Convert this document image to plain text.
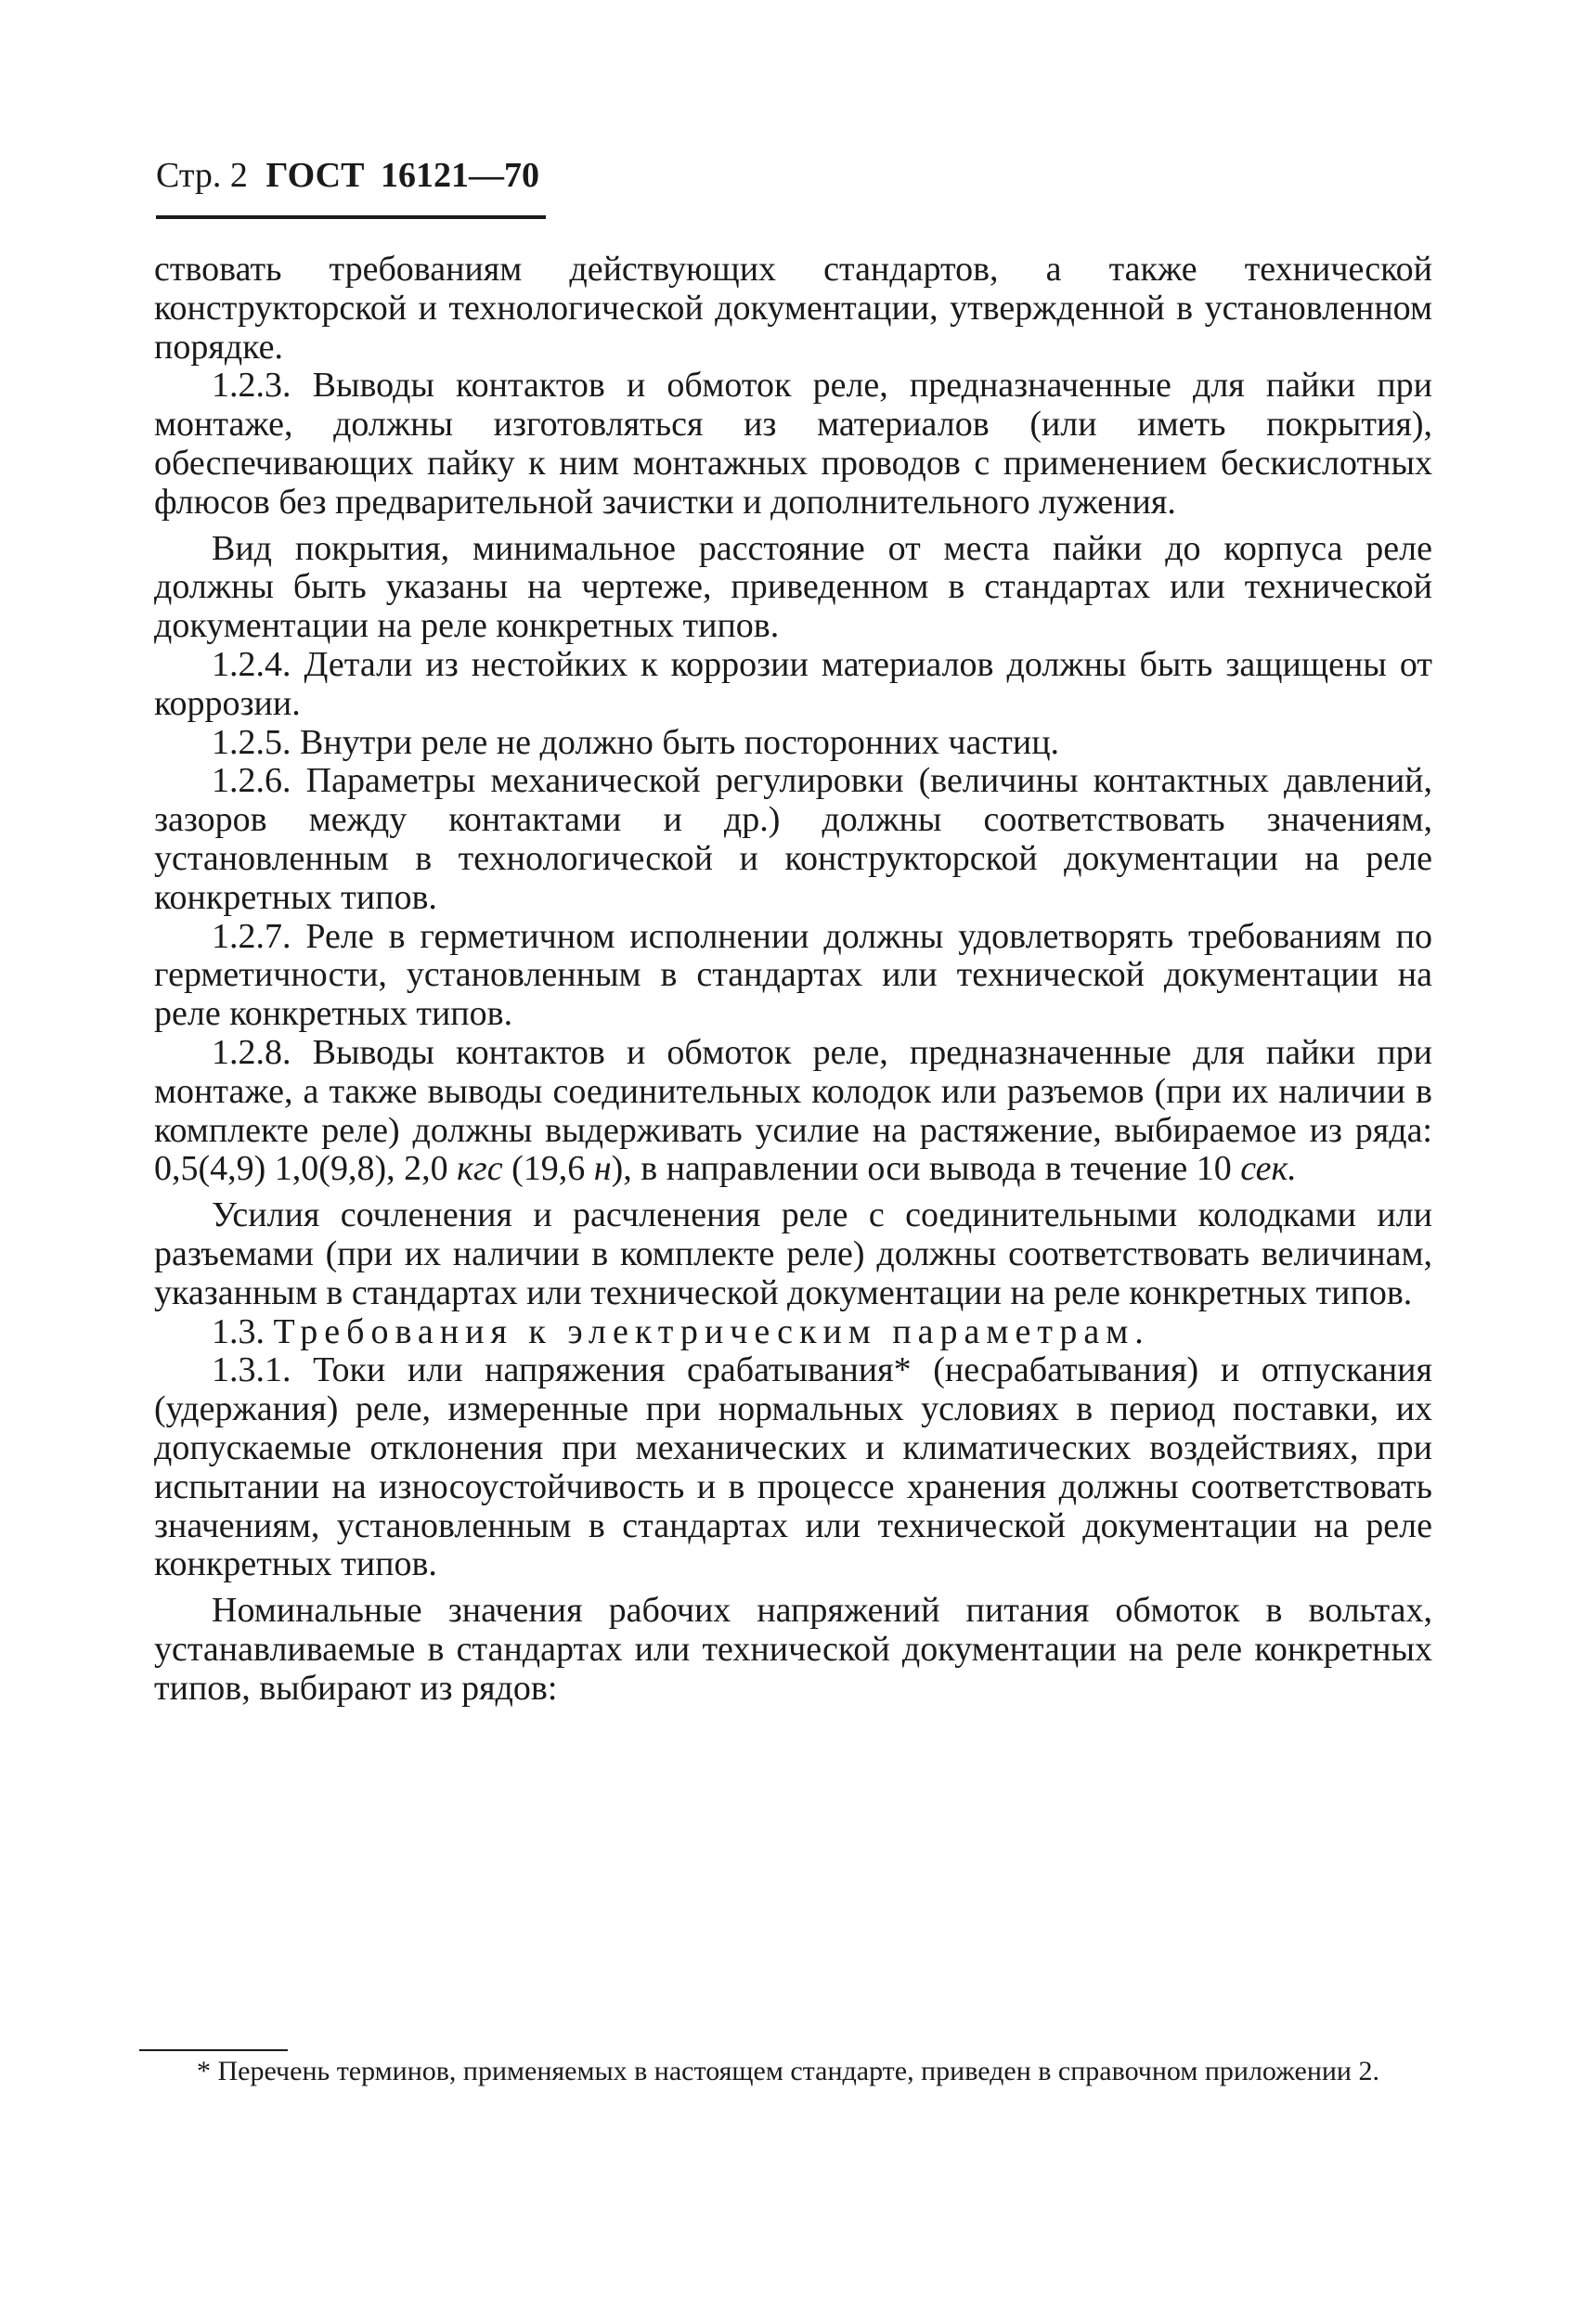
Стр. 2 ГОСТ 16121—70

ствовать требованиям действующих стандартов, а также технической конструкторской и технологической документации, утвержденной в установленном порядке.

1.2.3. Выводы контактов и обмоток реле, предназначенные для пайки при монтаже, должны изготовляться из материалов (или иметь покрытия), обеспечивающих пайку к ним монтажных проводов с применением бескислотных флюсов без предварительной зачистки и дополнительного лужения.

Вид покрытия, минимальное расстояние от места пайки до корпуса реле должны быть указаны на чертеже, приведенном в стандартах или технической документации на реле конкретных типов.

1.2.4. Детали из нестойких к коррозии материалов должны быть защищены от коррозии.

1.2.5. Внутри реле не должно быть посторонних частиц.

1.2.6. Параметры механической регулировки (величины контактных давлений, зазоров между контактами и др.) должны соответствовать значениям, установленным в технологической и конструкторской документации на реле конкретных типов.

1.2.7. Реле в герметичном исполнении должны удовлетворять требованиям по герметичности, установленным в стандартах или технической документации на реле конкретных типов.

1.2.8. Выводы контактов и обмоток реле, предназначенные для пайки при монтаже, а также выводы соединительных колодок или разъемов (при их наличии в комплекте реле) должны выдерживать усилие на растяжение, выбираемое из ряда: 0,5(4,9) 1,0(9,8), 2,0 кгс (19,6 н), в направлении оси вывода в течение 10 сек.

Усилия сочленения и расчленения реле с соединительными колодками или разъемами (при их наличии в комплекте реле) должны соответствовать величинам, указанным в стандартах или технической документации на реле конкретных типов.

1.3. Требования к электрическим параметрам.

1.3.1. Токи или напряжения срабатывания* (несрабатывания) и отпускания (удержания) реле, измеренные при нормальных условиях в период поставки, их допускаемые отклонения при механических и климатических воздействиях, при испытании на износоустойчивость и в процессе хранения должны соответствовать значениям, установленным в стандартах или технической документации на реле конкретных типов.

Номинальные значения рабочих напряжений питания обмоток в вольтах, устанавливаемые в стандартах или технической документации на реле конкретных типов, выбирают из рядов:

* Перечень терминов, применяемых в настоящем стандарте, приведен в справочном приложении 2.
